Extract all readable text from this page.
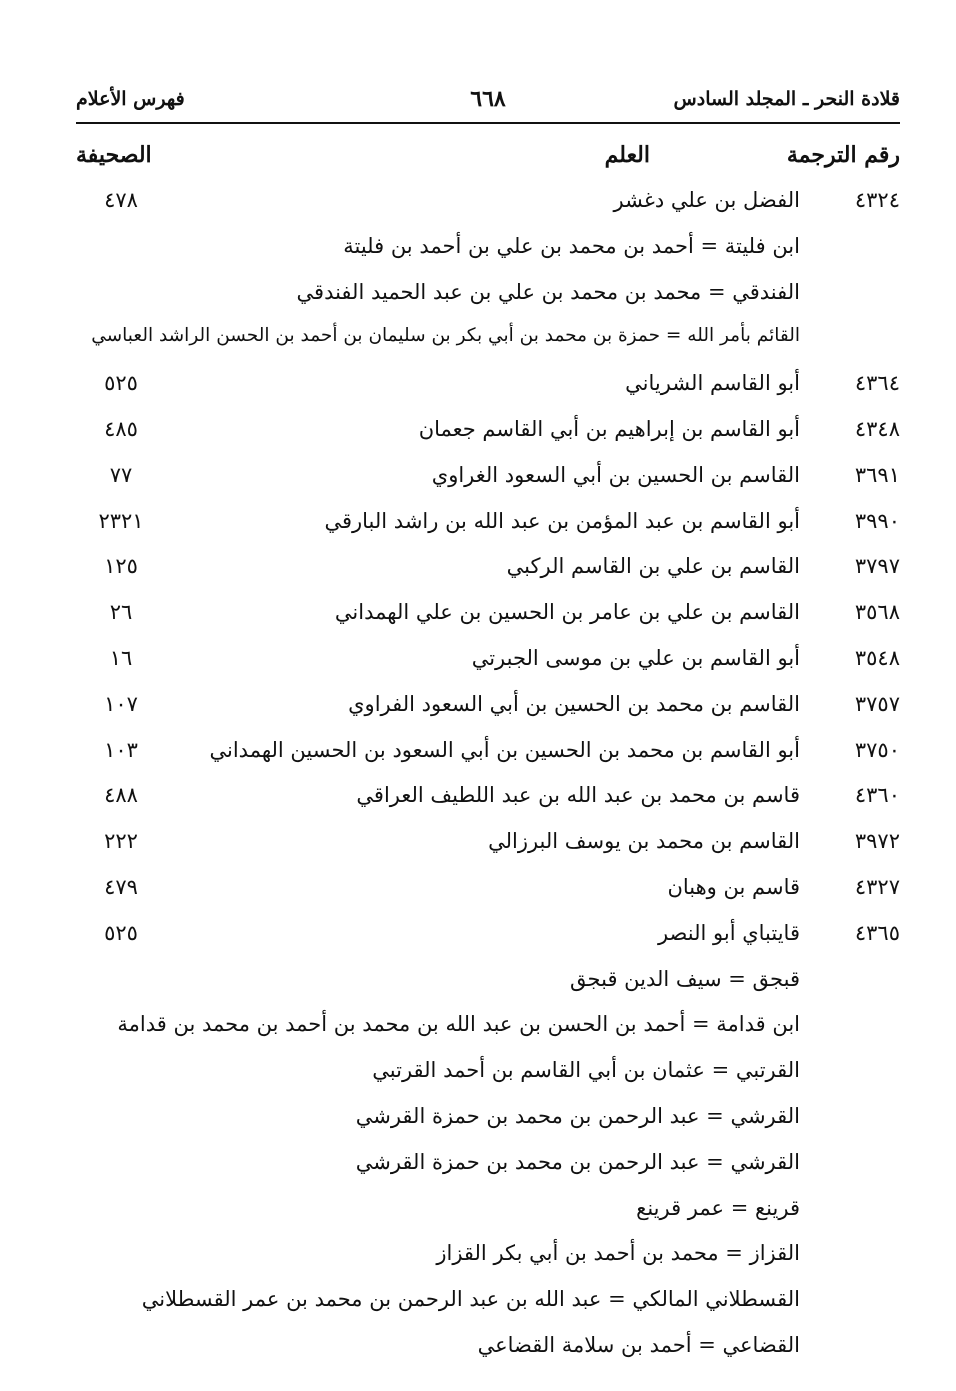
قلادة النحر ـ المجلد السادس
٦٦٨
فهرس الأعلام
رقم الترجمة
العلم
الصحيفة
٤٣٢٤
الفضل بن علي دغشر
٤٧٨
ابن فليتة = أحمد بن محمد بن علي بن أحمد بن فليتة
الفندقي = محمد بن محمد بن علي بن عبد الحميد الفندقي
القائم بأمر الله = حمزة بن محمد بن أبي بكر بن سليمان بن أحمد بن الحسن الراشد العباسي
٤٣٦٤
أبو القاسم الشرياني
٥٢٥
٤٣٤٨
أبو القاسم بن إبراهيم بن أبي القاسم جعمان
٤٨٥
٣٦٩١
القاسم بن الحسين بن أبي السعود الغراوي
٧٧
٣٩٩٠
أبو القاسم بن عبد المؤمن بن عبد الله بن راشد البارقي
٢٣٢١
٣٧٩٧
القاسم بن علي بن القاسم الركبي
١٢٥
٣٥٦٨
القاسم بن علي بن عامر بن الحسين بن علي الهمداني
٢٦
٣٥٤٨
أبو القاسم بن علي بن موسى الجبرتي
١٦
٣٧٥٧
القاسم بن محمد بن الحسين بن أبي السعود الفراوي
١٠٧
٣٧٥٠
أبو القاسم بن محمد بن الحسين بن أبي السعود بن الحسين الهمداني
١٠٣
٤٣٦٠
قاسم بن محمد بن عبد الله بن عبد اللطيف العراقي
٤٨٨
٣٩٧٢
القاسم بن محمد بن يوسف البرزالي
٢٢٢
٤٣٢٧
قاسم بن وهبان
٤٧٩
٤٣٦٥
قايتباي أبو النصر
٥٢٥
قبجق = سيف الدين قبجق
ابن قدامة = أحمد بن الحسن بن عبد الله بن محمد بن أحمد بن محمد بن قدامة
القرتبي = عثمان بن أبي القاسم بن أحمد القرتبي
القرشي = عبد الرحمن بن محمد بن حمزة القرشي
القرشي = عبد الرحمن بن محمد بن حمزة القرشي
قرينع = عمر قرينع
القزاز = محمد بن أحمد بن أبي بكر القزاز
القسطلاني المالكي = عبد الله بن عبد الرحمن بن محمد بن عمر القسطلاني
القضاعي = أحمد بن سلامة القضاعي
